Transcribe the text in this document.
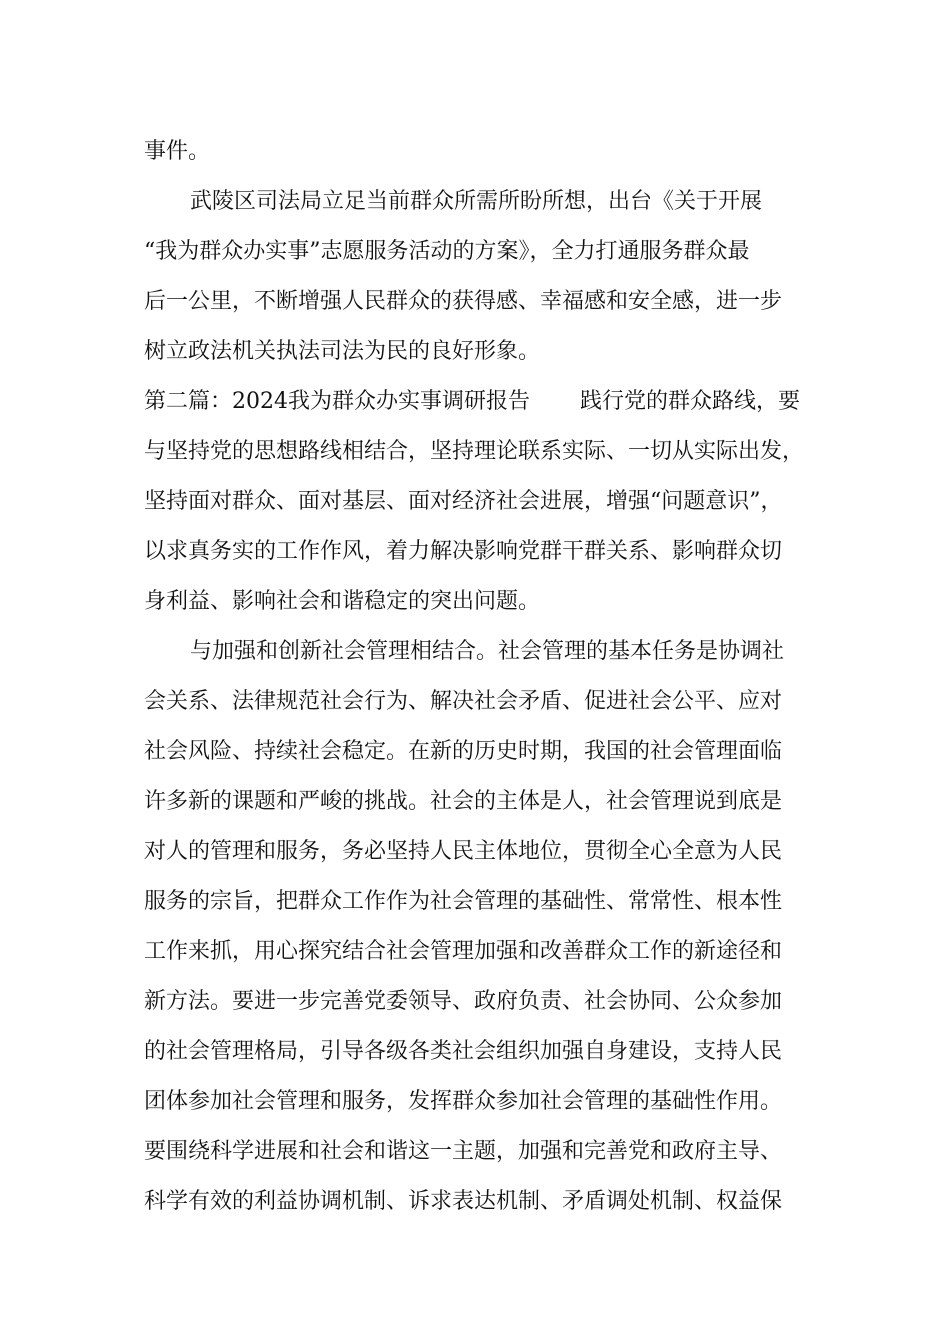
事件。
武陵区司法局立足当前群众所需所盼所想，出台《关于开展
“我为群众办实事”志愿服务活动的方案》，全力打通服务群众最
后一公里，不断增强人民群众的获得感、幸福感和安全感，进一步
树立政法机关执法司法为民的良好形象。
第二篇：2024我为群众办实事调研报告 践行党的群众路线，要
与坚持党的思想路线相结合，坚持理论联系实际、一切从实际出发，
坚持面对群众、面对基层、面对经济社会进展，增强“问题意识”，
以求真务实的工作作风，着力解决影响党群干群关系、影响群众切
身利益、影响社会和谐稳定的突出问题。
与加强和创新社会管理相结合。社会管理的基本任务是协调社
会关系、法律规范社会行为、解决社会矛盾、促进社会公平、应对
社会风险、持续社会稳定。在新的历史时期，我国的社会管理面临
许多新的课题和严峻的挑战。社会的主体是人，社会管理说到底是
对人的管理和服务，务必坚持人民主体地位，贯彻全心全意为人民
服务的宗旨，把群众工作作为社会管理的基础性、常常性、根本性
工作来抓，用心探究结合社会管理加强和改善群众工作的新途径和
新方法。要进一步完善党委领导、政府负责、社会协同、公众参加
的社会管理格局，引导各级各类社会组织加强自身建设，支持人民
团体参加社会管理和服务，发挥群众参加社会管理的基础性作用。
要围绕科学进展和社会和谐这一主题，加强和完善党和政府主导、
科学有效的利益协调机制、诉求表达机制、矛盾调处机制、权益保
